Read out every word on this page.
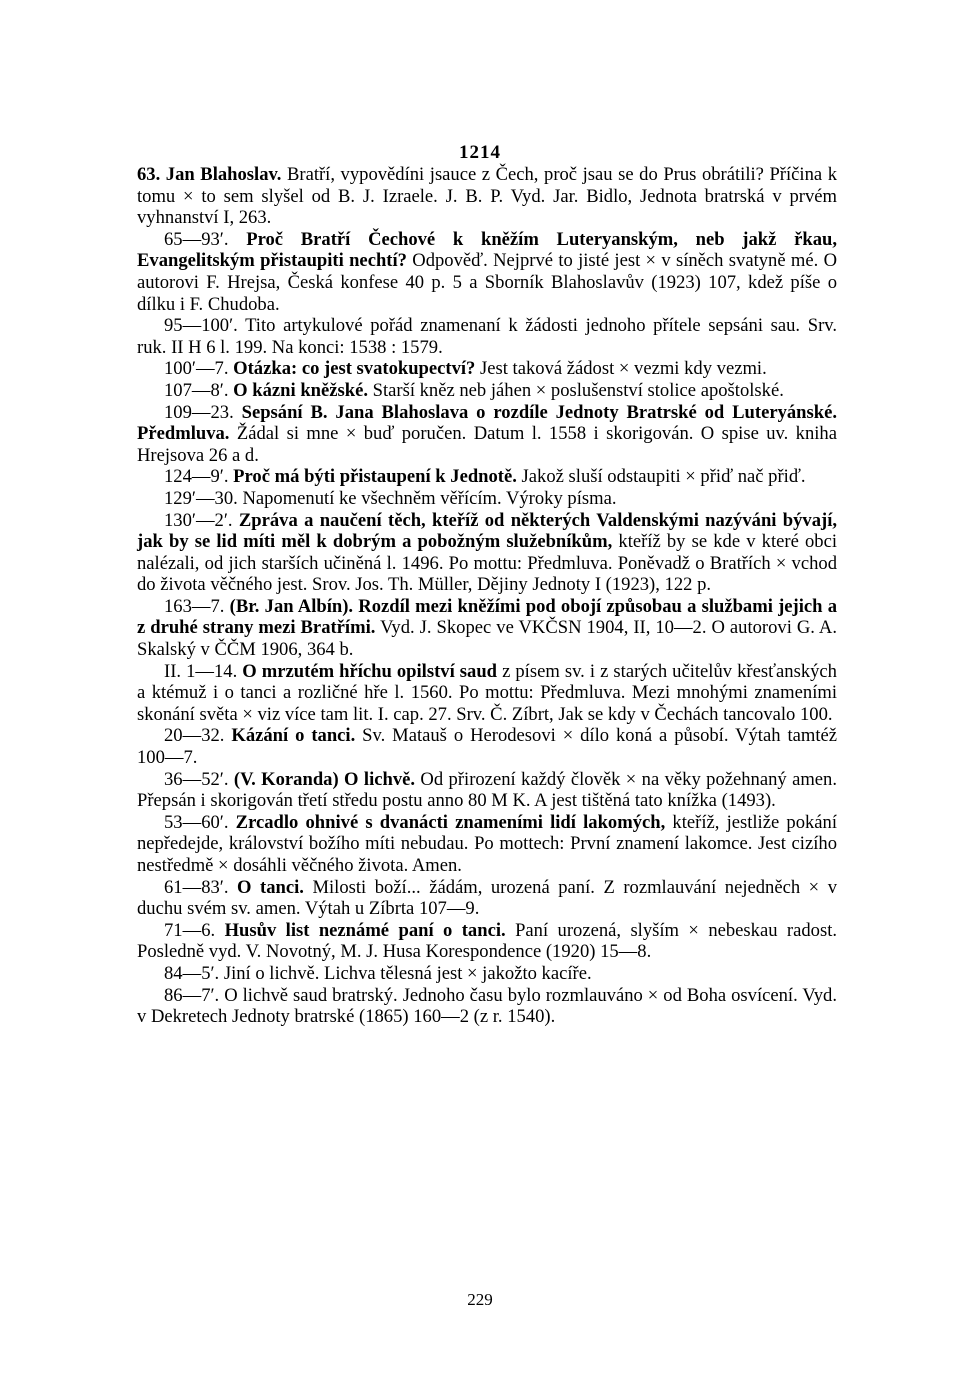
1214

63. Jan Blahoslav. Bratří, vypovědíni jsauce z Čech, proč jsau se do Prus obrátili? Příčina k tomu × to sem slyšel od B. J. Izraele. J. B. P. Vyd. Jar. Bidlo, Jednota bratrská v prvém vyhnanství I, 263.

65—93′. Proč Bratří Čechové k kněžím Luteryanským, neb jakž řkau, Evangelitským přistaupiti nechtí? Odpověď. Nejprvé to jisté jest × v síněch svatyně mé. O autorovi F. Hrejsa, Česká konfese 40 p. 5 a Sborník Blahoslavův (1923) 107, kdež píše o dílku i F. Chudoba.

95—100′. Tito artykulové pořád znamenaní k žádosti jednoho přítele sepsáni sau. Srv. ruk. II H 6 l. 199. Na konci: 1538 : 1579.

100′—7. Otázka: co jest svatokupectví? Jest taková žádost × vezmi kdy vezmi.

107—8′. O kázni kněžské. Starší kněz neb jáhen × poslušenství stolice apoštolské.

109—23. Sepsání B. Jana Blahoslava o rozdíle Jednoty Bratrské od Luteryánské. Předmluva. Žádal si mne × buď poručen. Datum l. 1558 i skorigován. O spise uv. kniha Hrejsova 26 a d.

124—9′. Proč má býti přistaupení k Jednotě. Jakož sluší odstaupiti × přiď nač přiď.

129′—30. Napomenutí ke všechněm věřícím. Výroky písma.

130′—2′. Zpráva a naučení těch, kteříž od některých Valdenskými nazýváni bývají, jak by se lid míti měl k dobrým a pobožným služebníkům, kteříž by se kde v které obci nalézali, od jich starších učiněná l. 1496. Po mottu: Předmluva. Poněvadž o Bratřích × vchod do života věčného jest. Srov. Jos. Th. Müller, Dějiny Jednoty I (1923), 122 p.

163—7. (Br. Jan Albín). Rozdíl mezi kněžími pod obojí způsobau a službami jejich a z druhé strany mezi Bratřími. Vyd. J. Skopec ve VKČSN 1904, II, 10—2. O autorovi G. A. Skalský v ČČM 1906, 364 b.

II. 1—14. O mrzutém hříchu opilství saud z písem sv. i z starých učitelův křesťanských a ktémuž i o tanci a rozličné hře l. 1560. Po mottu: Předmluva. Mezi mnohými znameními skonání světa × viz více tam lit. I. cap. 27. Srv. Č. Zíbrt, Jak se kdy v Čechách tancovalo 100.

20—32. Kázání o tanci. Sv. Matauš o Herodesovi × dílo koná a působí. Výtah tamtéž 100—7.

36—52′. (V. Koranda) O lichvě. Od přirození každý člověk × na věky požehnaný amen. Přepsán i skorigován třetí středu postu anno 80 M K. A jest tištěná tato knížka (1493).

53—60′. Zrcadlo ohnivé s dvanácti znameními lidí lakomých, kteříž, jestliže pokání nepředejde, království božího míti nebudau. Po mottech: První znamení lakomce. Jest cizího nestředmě × dosáhli věčného života. Amen.

61—83′. O tanci. Milosti boží... žádám, urozená paní. Z rozmlauvání nejedněch × v duchu svém sv. amen. Výtah u Zíbrta 107—9.

71—6. Husův list neznámé paní o tanci. Paní urozená, slyším × nebeskau radost. Posledně vyd. V. Novotný, M. J. Husa Korespondence (1920) 15—8.

84—5′. Jiní o lichvě. Lichva tělesná jest × jakožto kacíře.

86—7′. O lichvě saud bratrský. Jednoho času bylo rozmlauváno × od Boha osvícení. Vyd. v Dekretech Jednoty bratrské (1865) 160—2 (z r. 1540).

229
